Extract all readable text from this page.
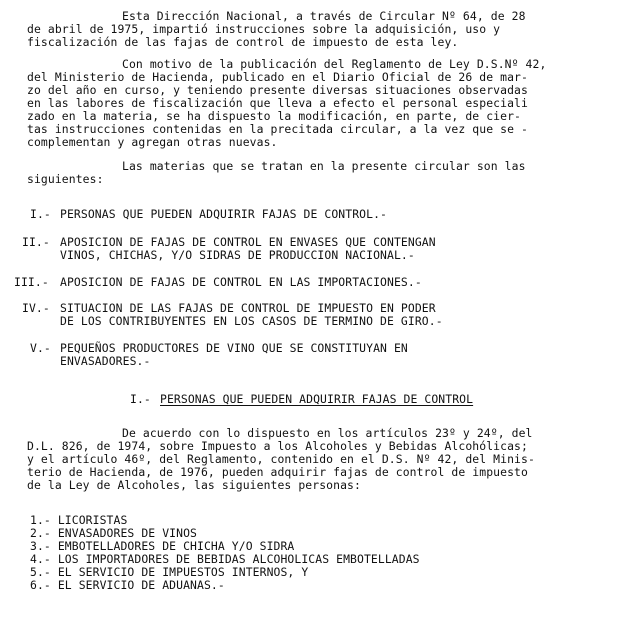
Esta Dirección Nacional, a través de Circular Nº 64, de 28
de abril de 1975, impartió instrucciones sobre la adquisición, uso y
fiscalización de las fajas de control de impuesto de esta ley.
Con motivo de la publicación del Reglamento de Ley D.S.Nº 42,
del Ministerio de Hacienda, publicado en el Diario Oficial de 26 de mar-
zo del año en curso, y teniendo presente diversas situaciones observadas
en las labores de fiscalización que lleva a efecto el personal especiali
zado en la materia, se ha dispuesto la modificación, en parte, de cier-
tas instrucciones contenidas en la precitada circular, a la vez que se -
complementan y agregan otras nuevas.
Las materias que se tratan en la presente circular son las
siguientes:
I.- PERSONAS QUE PUEDEN ADQUIRIR FAJAS DE CONTROL.-
II.- APOSICION DE FAJAS DE CONTROL EN ENVASES QUE CONTENGAN
VINOS, CHICHAS, Y/O SIDRAS DE PRODUCCION NACIONAL.-
III.- APOSICION DE FAJAS DE CONTROL EN LAS IMPORTACIONES.-
IV.- SITUACION DE LAS FAJAS DE CONTROL DE IMPUESTO EN PODER
DE LOS CONTRIBUYENTES EN LOS CASOS DE TERMINO DE GIRO.-
V.- PEQUEÑOS PRODUCTORES DE VINO QUE SE CONSTITUYAN EN
ENVASADORES.-
I.- PERSONAS QUE PUEDEN ADQUIRIR FAJAS DE CONTROL
De acuerdo con lo dispuesto en los artículos 23º y 24º, del
D.L. 826, de 1974, sobre Impuesto a los Alcoholes y Bebidas Alcohólicas;
y el artículo 46º, del Reglamento, contenido en el D.S. Nº 42, del Minis-
terio de Hacienda, de 1976, pueden adquirir fajas de control de impuesto
de la Ley de Alcoholes, las siguientes personas:
1.- LICORISTAS
2.- ENVASADORES DE VINOS
3.- EMBOTELLADORES DE CHICHA Y/O SIDRA
4.- LOS IMPORTADORES DE BEBIDAS ALCOHOLICAS EMBOTELLADAS
5.- EL SERVICIO DE IMPUESTOS INTERNOS, Y
6.- EL SERVICIO DE ADUANAS.-
